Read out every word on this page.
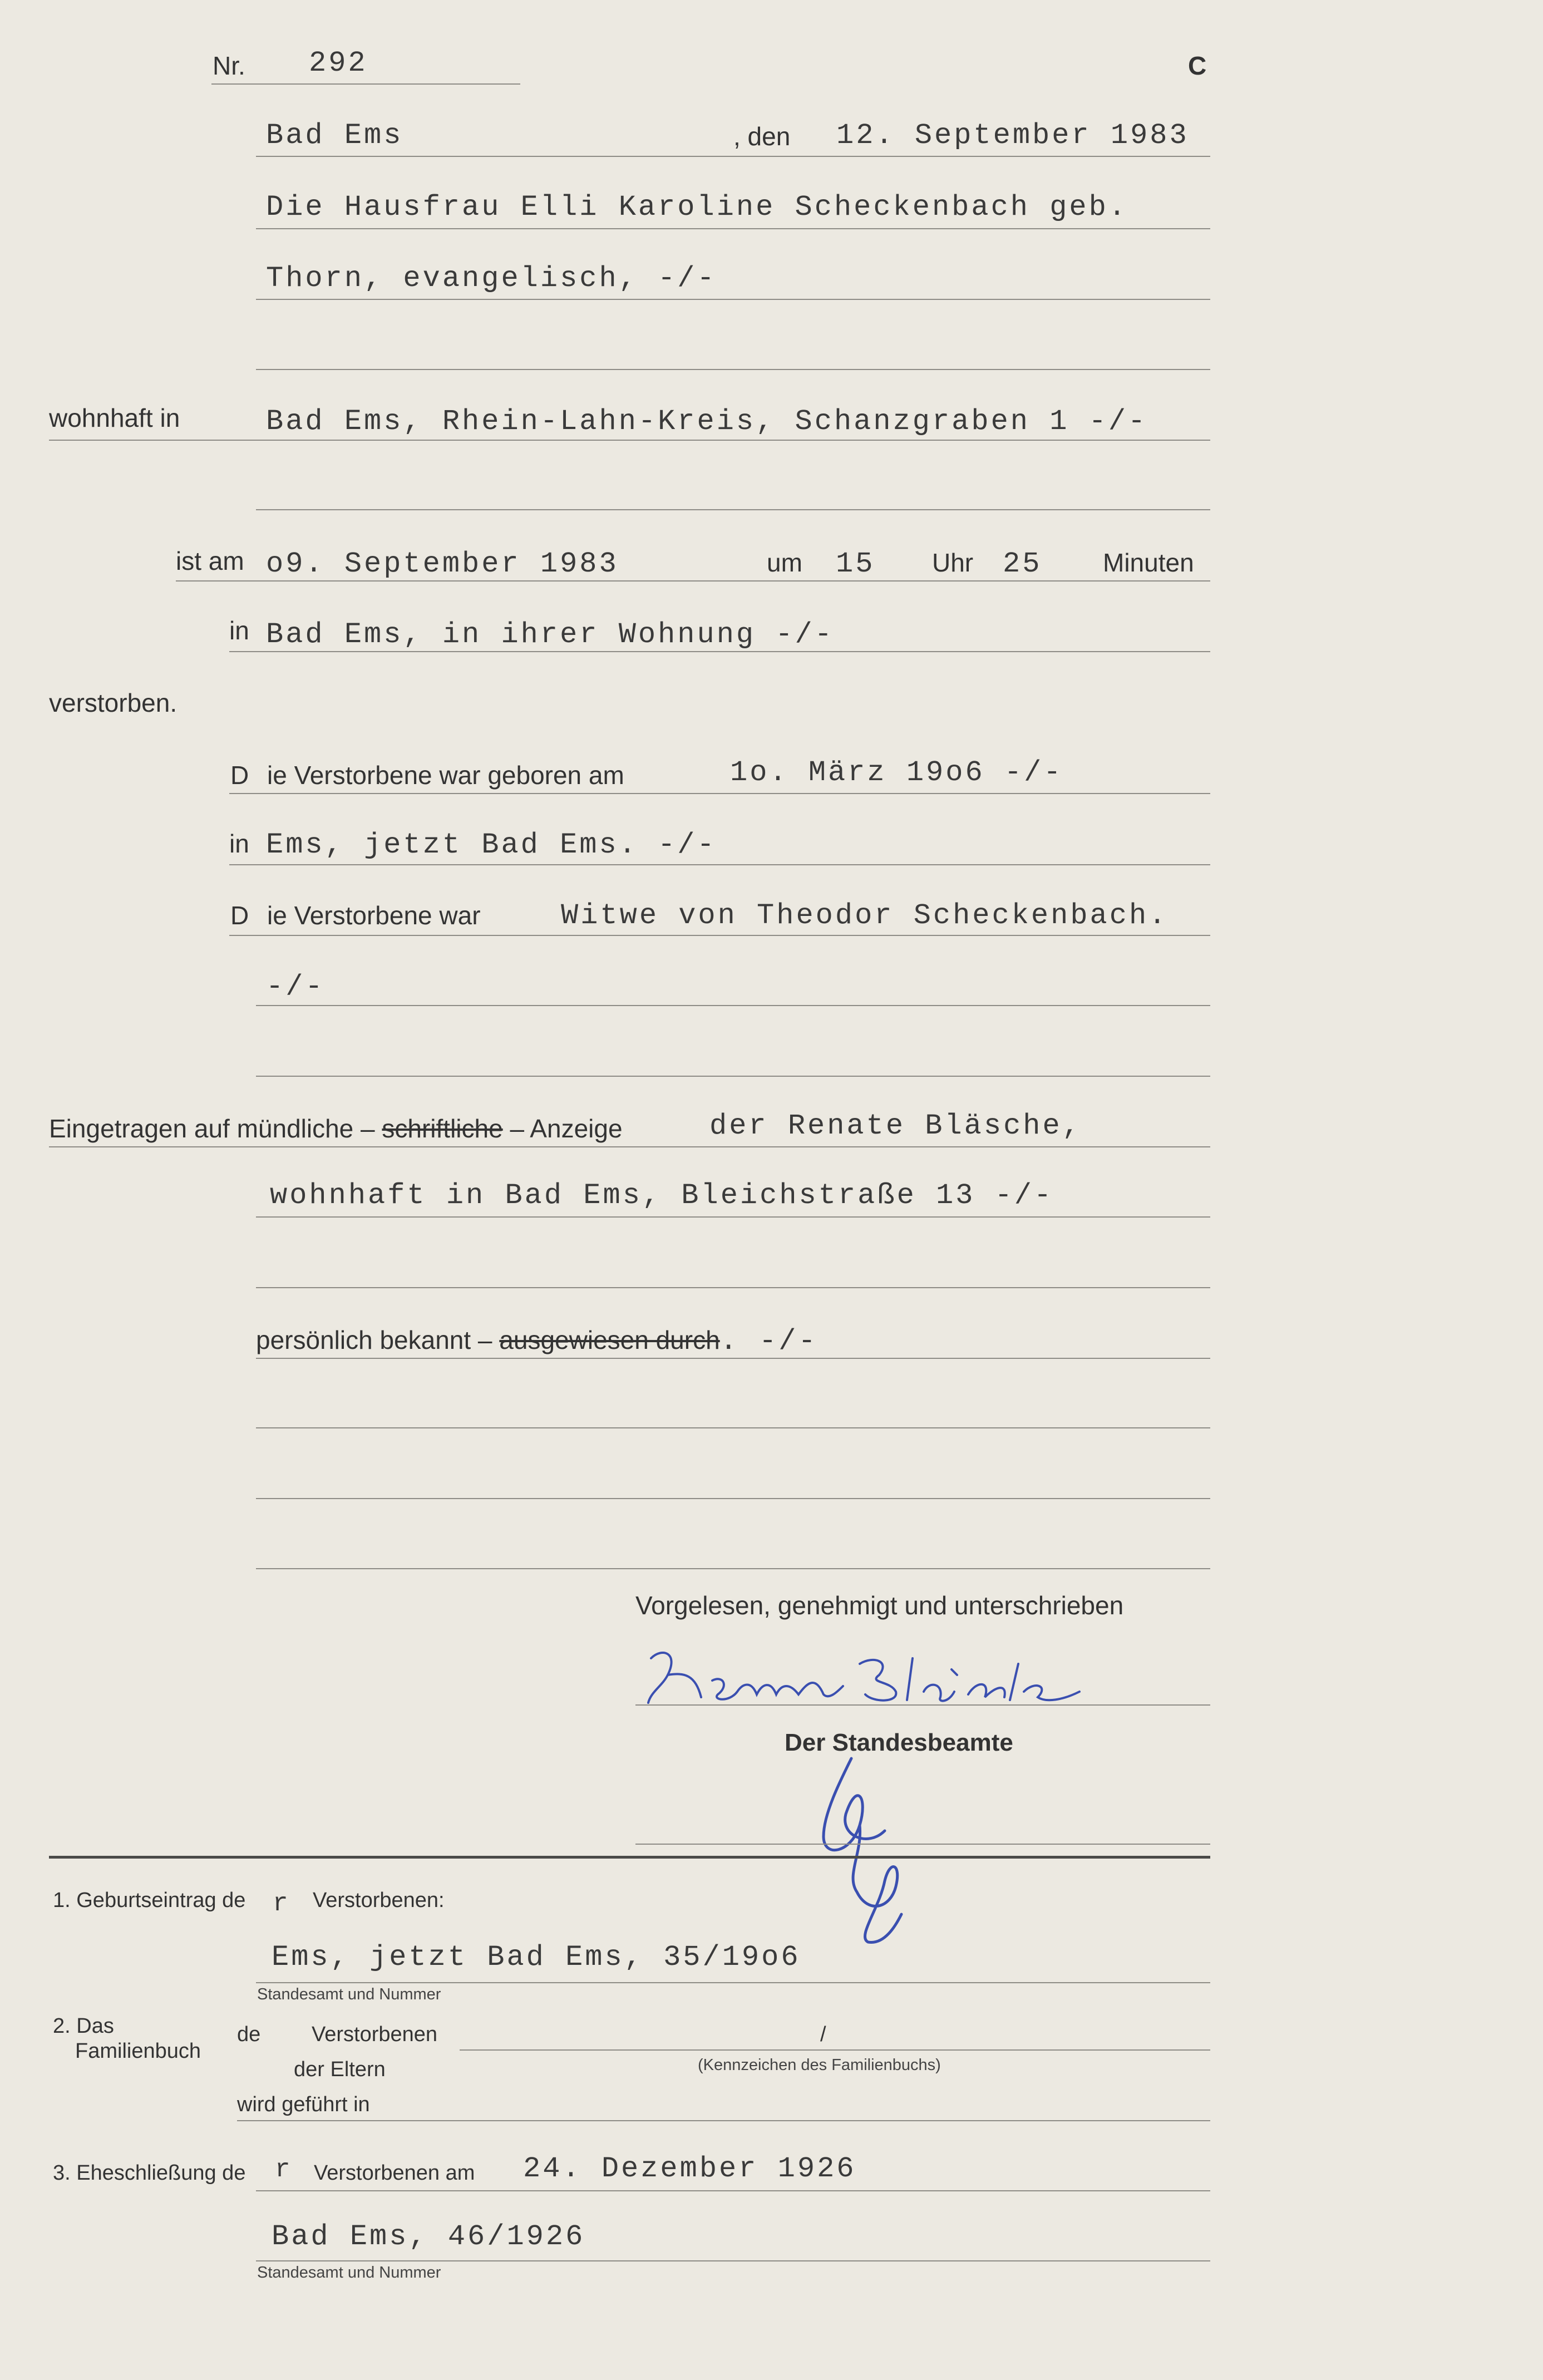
Nr. 292	C
Bad Ems	, den 12. September 1983
Die Hausfrau Elli Karoline Scheckenbach geb.
Thorn, evangelisch, -/-
wohnhaft in	Bad Ems, Rhein-Lahn-Kreis, Schanzgraben 1 -/-
ist am o9. September 1983	um 15 Uhr 25 Minuten
in Bad Ems, in ihrer Wohnung -/-
verstorben.
D ie Verstorbene war geboren am	1o. März 19o6 -/-
in Ems, jetzt Bad Ems. -/-
D ie Verstorbene war	Witwe von Theodor Scheckenbach.
-/-
Eingetragen auf mündliche – schriftliche – Anzeige	der Renate Bläsche,
wohnhaft in Bad Ems, Bleichstraße 13 -/-
persönlich bekannt – ausgewiesen durch. -/-
Vorgelesen, genehmigt und unterschrieben
Der Standesbeamte
1. Geburtseintrag de r Verstorbenen:
Ems, jetzt Bad Ems, 35/19o6
Standesamt und Nummer
2. Das
Familienbuch
de Verstorbenen	/
der Eltern	(Kennzeichen des Familienbuchs)
wird geführt in
3. Eheschließung de r Verstorbenen am 24. Dezember 1926
Bad Ems, 46/1926
Standesamt und Nummer
